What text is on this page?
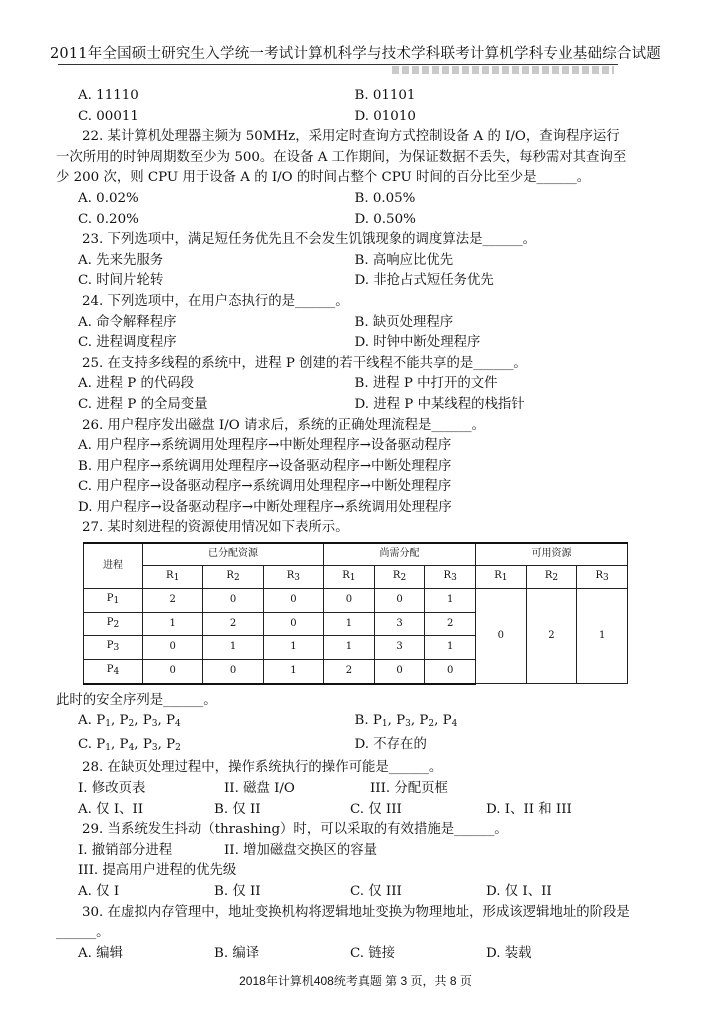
2011年全国硕士研究生入学统一考试计算机科学与技术学科联考计算机学科专业基础综合试题
A. 11110	B. 01101
C. 00011	D. 01010

22. 某计算机处理器主频为 50MHz，采用定时查询方式控制设备 A 的 I/O，查询程序运行一次所用的时钟周期数至少为 500。在设备 A 工作期间，为保证数据不丢失，每秒需对其查询至少 200 次，则 CPU 用于设备 A 的 I/O 的时间占整个 CPU 时间的百分比至少是______。

A. 0.02%	B. 0.05%
C. 0.20%	D. 0.50%

23. 下列选项中，满足短任务优先且不会发生饥饿现象的调度算法是______。

A. 先来先服务	B. 高响应比优先
C. 时间片轮转	D. 非抢占式短任务优先

24. 下列选项中，在用户态执行的是______。

A. 命令解释程序	B. 缺页处理程序
C. 进程调度程序	D. 时钟中断处理程序

25. 在支持多线程的系统中，进程 P 创建的若干线程不能共享的是______。

A. 进程 P 的代码段	B. 进程 P 中打开的文件
C. 进程 P 的全局变量	D. 进程 P 中某线程的栈指针

26. 用户程序发出磁盘 I/O 请求后，系统的正确处理流程是______。

A. 用户程序→系统调用处理程序→中断处理程序→设备驱动程序
B. 用户程序→系统调用处理程序→设备驱动程序→中断处理程序
C. 用户程序→设备驱动程序→系统调用处理程序→中断处理程序
D. 用户程序→设备驱动程序→中断处理程序→系统调用处理程序

27. 某时刻进程的资源使用情况如下表所示。

进程	已分配资源			尚需分配			可用资源		
	$R_1$	$R_2$	$R_3$	$R_1$	$R_2$	$R_3$	$R_1$	$R_2$	$R_3$
$P_1$	2	0	0	0	0	1	0	2	1
$P_2$	1	2	0	1	3	2			
$P_3$	0	1	1	1	3	1			
$P_4$	0	0	1	2	0	0			
此时的安全序列是______。
A. $P_1$, $P_2$, $P_3$, $P_4$	B. $P_1$, $P_3$, $P_2$, $P_4$
C. $P_1$, $P_4$, $P_3$, $P_2$	D. 不存在的

28. 在缺页处理过程中，操作系统执行的操作可能是______。

I. 修改页表	II. 磁盘 I/O	III. 分配页框
A. 仅 I、II	B. 仅 II	C. 仅 III	D. I、II 和 III

29. 当系统发生抖动（thrashing）时，可以采取的有效措施是______。

I. 撤销部分进程	II. 增加磁盘交换区的容量
III. 提高用户进程的优先级
A. 仅 I	B. 仅 II	C. 仅 III	D. 仅 I、II

30. 在虚拟内存管理中，地址变换机构将逻辑地址变换为物理地址，形成该逻辑地址的阶段是______。

A. 编辑	B. 编译	C. 链接	D. 装载
2018年计算机408统考真题 第 3 页，共 8 页
